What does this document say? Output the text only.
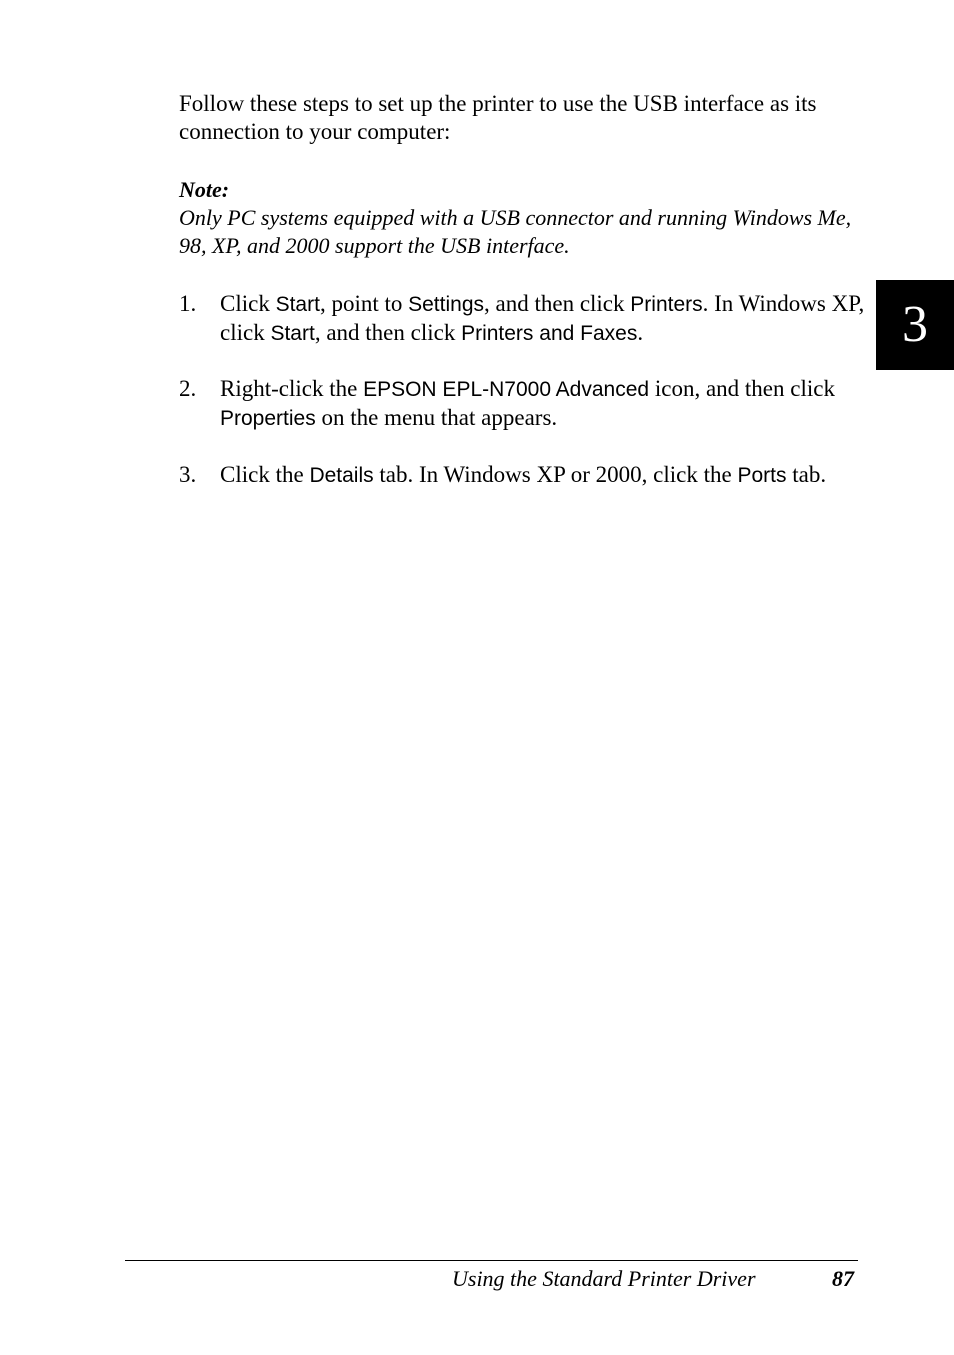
Follow these steps to set up the printer to use the USB interface as its connection to your computer:

Note:

Only PC systems equipped with a USB connector and running Windows Me, 98, XP, and 2000 support the USB interface.

1.	Click Start, point to Settings, and then click Printers. In Windows XP, click Start, and then click Printers and Faxes.
2.	Right-click the EPSON EPL-N7000 Advanced icon, and then click Properties on the menu that appears.
3.	Click the Details tab. In Windows XP or 2000, click the Ports tab.
3
Using the Standard Printer Driver	87
